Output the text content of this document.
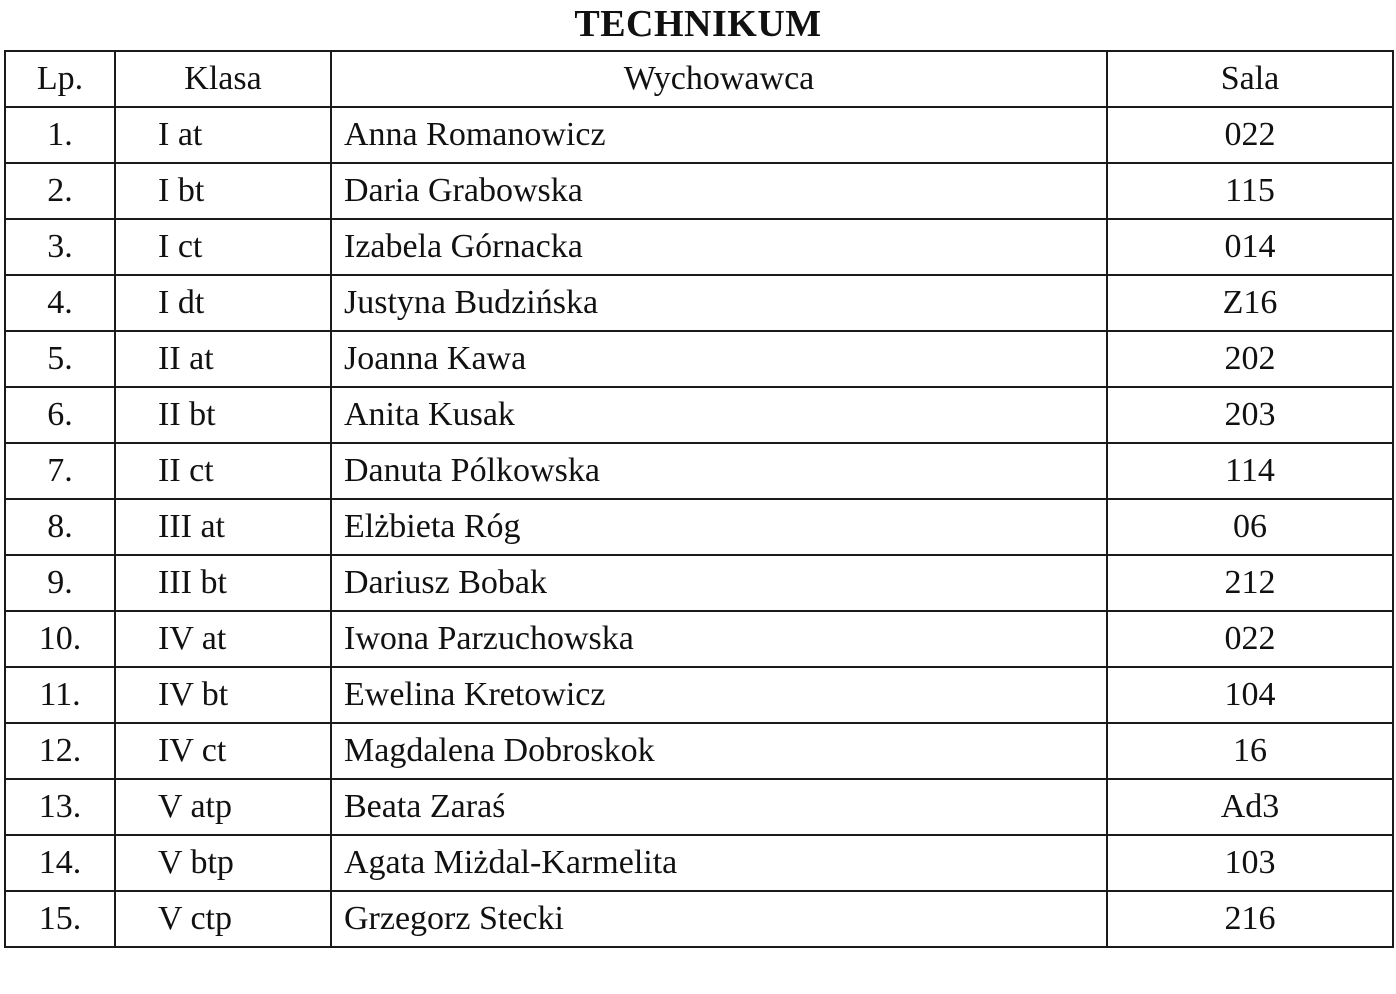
TECHNIKUM
Lp.	Klasa	Wychowawca	Sala
1.	I at	Anna Romanowicz	022
2.	I bt	Daria Grabowska	115
3.	I ct	Izabela Górnacka	014
4.	I dt	Justyna Budzińska	Z16
5.	II at	Joanna Kawa	202
6.	II bt	Anita Kusak	203
7.	II ct	Danuta Pólkowska	114
8.	III at	Elżbieta Róg	06
9.	III bt	Dariusz Bobak	212
10.	IV at	Iwona Parzuchowska	022
11.	IV bt	Ewelina Kretowicz	104
12.	IV ct	Magdalena Dobroskok	16
13.	V atp	Beata Zaraś	Ad3
14.	V btp	Agata Miżdal-Karmelita	103
15.	V ctp	Grzegorz Stecki	216
